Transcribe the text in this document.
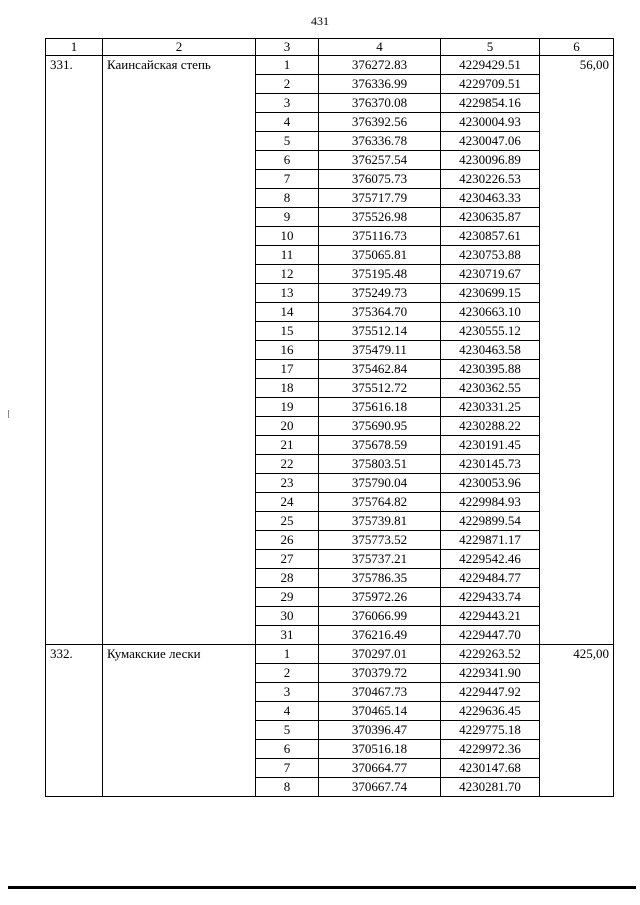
431
1	2	3	4	5	6
331.	Каинсайская степь	1	376272.83	4229429.51	56,00
		2	376336.99	4229709.51	
		3	376370.08	4229854.16	
		4	376392.56	4230004.93	
		5	376336.78	4230047.06	
		6	376257.54	4230096.89	
		7	376075.73	4230226.53	
		8	375717.79	4230463.33	
		9	375526.98	4230635.87	
		10	375116.73	4230857.61	
		11	375065.81	4230753.88	
		12	375195.48	4230719.67	
		13	375249.73	4230699.15	
		14	375364.70	4230663.10	
		15	375512.14	4230555.12	
		16	375479.11	4230463.58	
		17	375462.84	4230395.88	
		18	375512.72	4230362.55	
		19	375616.18	4230331.25	
		20	375690.95	4230288.22	
		21	375678.59	4230191.45	
		22	375803.51	4230145.73	
		23	375790.04	4230053.96	
		24	375764.82	4229984.93	
		25	375739.81	4229899.54	
		26	375773.52	4229871.17	
		27	375737.21	4229542.46	
		28	375786.35	4229484.77	
		29	375972.26	4229433.74	
		30	376066.99	4229443.21	
		31	376216.49	4229447.70	
332.	Кумакские лески	1	370297.01	4229263.52	425,00
		2	370379.72	4229341.90	
		3	370467.73	4229447.92	
		4	370465.14	4229636.45	
		5	370396.47	4229775.18	
		6	370516.18	4229972.36	
		7	370664.77	4230147.68	
		8	370667.74	4230281.70	
